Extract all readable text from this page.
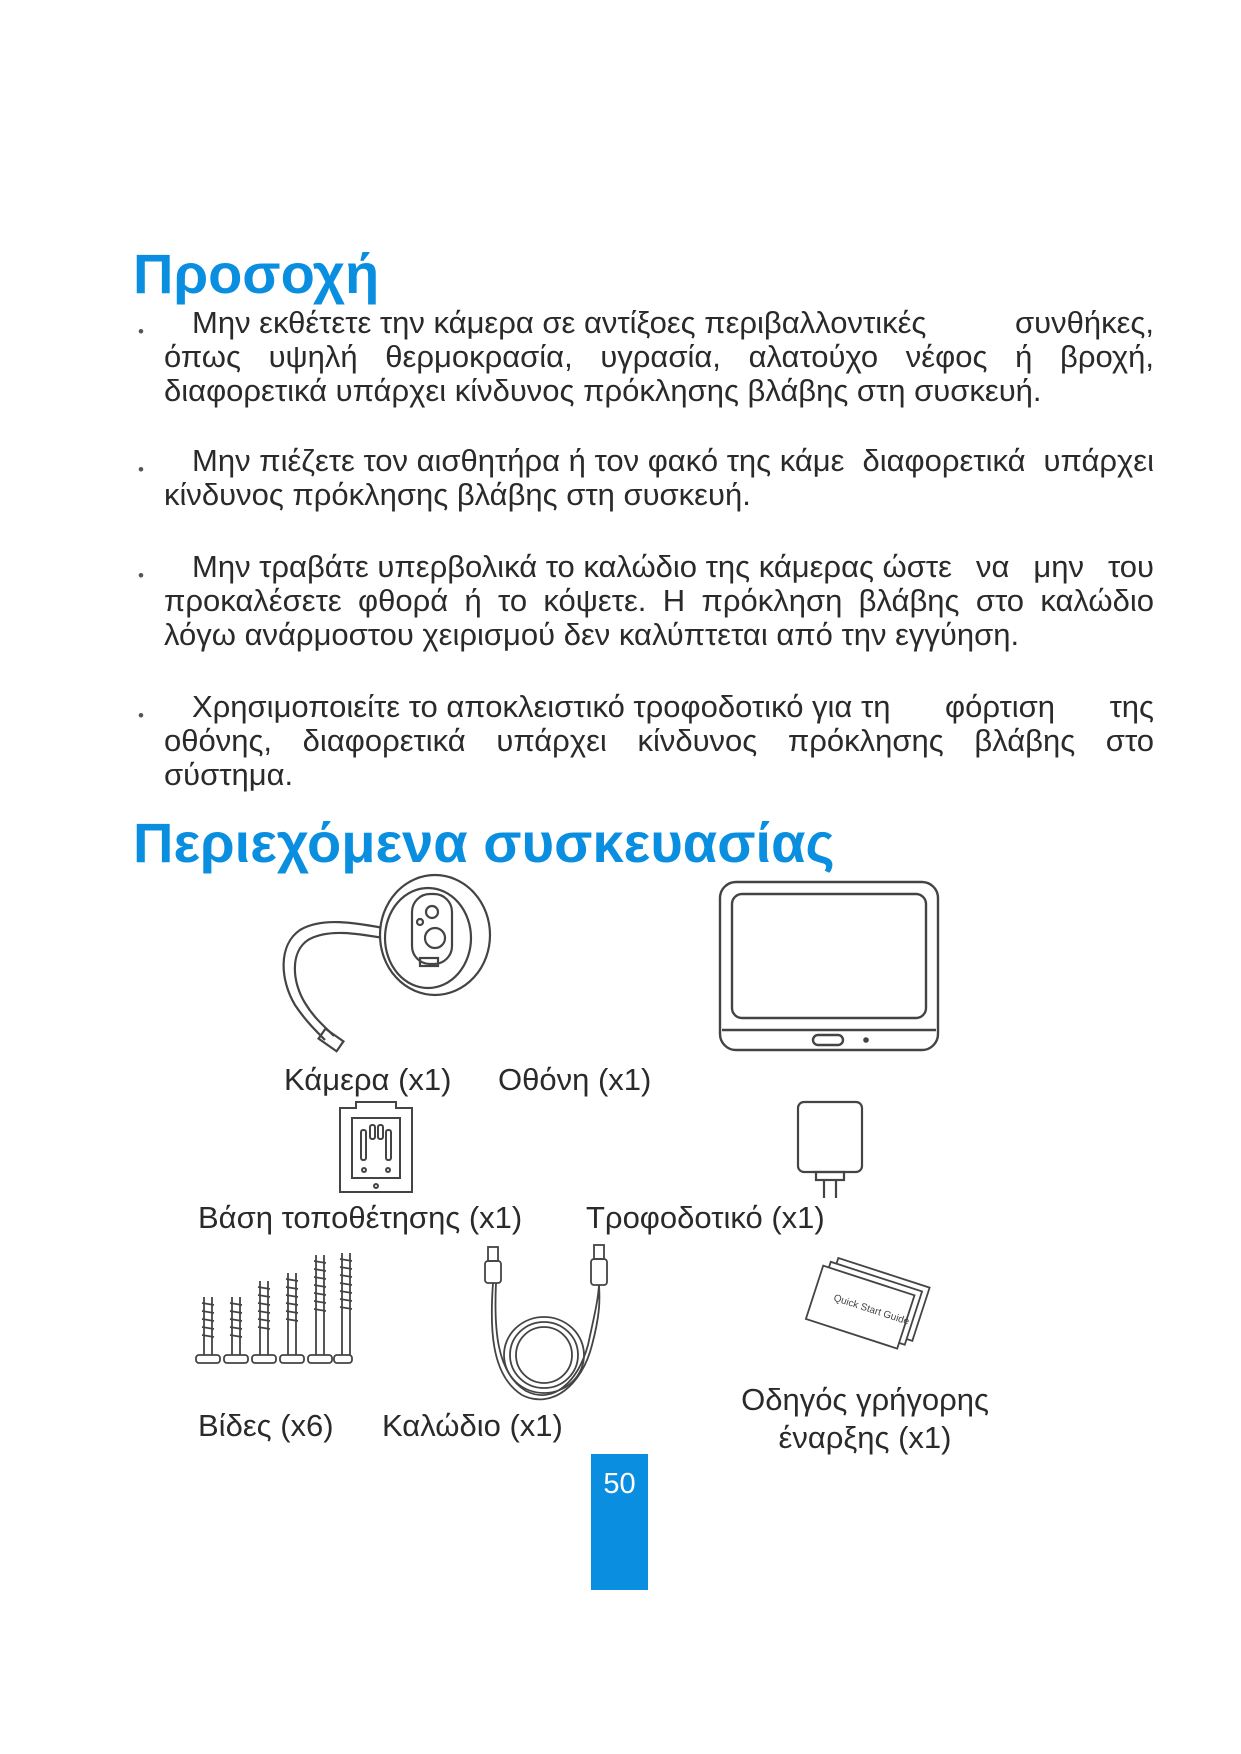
Προσοχή
•	Μην εκθέτετε την κάμερα σε αντίξοες περιβαλλοντικές	συνθήκες, όπως υψηλή θερμοκρασία, υγρασία, αλατούχο νέφος ή βροχή, διαφορετικά υπάρχει κίνδυνος πρόκλησης βλάβης στη συσκευή.

•	Μην πιέζετε τον αισθητήρα ή τον φακό της κάμε διαφορετικά υπάρχει κίνδυνος πρόκλησης βλάβης στη συσκευή.

•	Μην τραβάτε υπερβολικά το καλώδιο της κάμερας ώστε να μην του προκαλέσετε φθορά ή το κόψετε. Η πρόκληση βλάβης στο καλώδιο λόγω ανάρμοστου χειρισμού δεν καλύπτεται από την εγγύηση.

•	Χρησιμοποιείτε το αποκλειστικό τροφοδοτικό για τη φόρτιση της οθόνης, διαφορετικά υπάρχει κίνδυνος πρόκλησης βλάβης στο σύστημα.

Περιεχόμενα συσκευασίας
Κάμερα (x1) Οθόνη (x1)
Βάση τοποθέτησης (x1) Τροφοδοτικό (x1)
Quick Start Guide
Βίδες (x6) Καλώδιο (x1)
Οδηγός γρήγορης
έναρξης (x1)
50
